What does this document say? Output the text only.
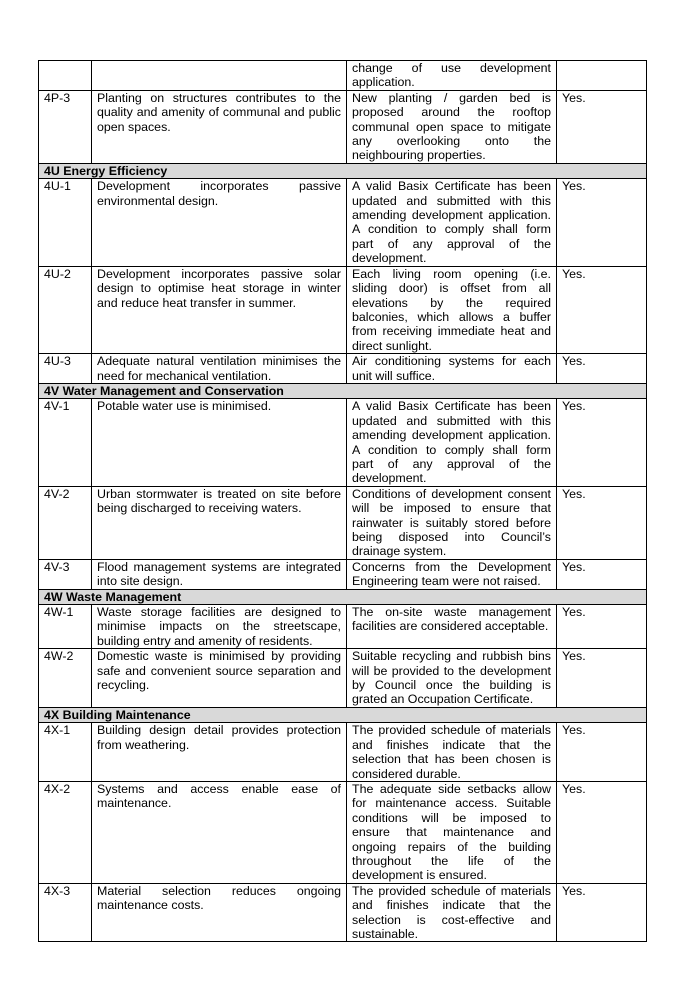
		change of use development application.	
4P-3	Planting on structures contributes to the quality and amenity of communal and public open spaces.	New planting / garden bed is proposed around the rooftop communal open space to mitigate any overlooking onto the neighbouring properties.	Yes.
4U Energy Efficiency			
4U-1	Development incorporates passive environmental design.	A valid Basix Certificate has been updated and submitted with this amending development application. A condition to comply shall form part of any approval of the development.	Yes.
4U-2	Development incorporates passive solar design to optimise heat storage in winter and reduce heat transfer in summer.	Each living room opening (i.e. sliding door) is offset from all elevations by the required balconies, which allows a buffer from receiving immediate heat and direct sunlight.	Yes.
4U-3	Adequate natural ventilation minimises the need for mechanical ventilation.	Air conditioning systems for each unit will suffice.	Yes.
4V Water Management and Conservation			
4V-1	Potable water use is minimised.	A valid Basix Certificate has been updated and submitted with this amending development application. A condition to comply shall form part of any approval of the development.	Yes.
4V-2	Urban stormwater is treated on site before being discharged to receiving waters.	Conditions of development consent will be imposed to ensure that rainwater is suitably stored before being disposed into Council’s drainage system.	Yes.
4V-3	Flood management systems are integrated into site design.	Concerns from the Development Engineering team were not raised.	Yes.
4W Waste Management			
4W-1	Waste storage facilities are designed to minimise impacts on the streetscape, building entry and amenity of residents.	The on-site waste management facilities are considered acceptable.	Yes.
4W-2	Domestic waste is minimised by providing safe and convenient source separation and recycling.	Suitable recycling and rubbish bins will be provided to the development by Council once the building is grated an Occupation Certificate.	Yes.
4X Building Maintenance			
4X-1	Building design detail provides protection from weathering.	The provided schedule of materials and finishes indicate that the selection that has been chosen is considered durable.	Yes.
4X-2	Systems and access enable ease of maintenance.	The adequate side setbacks allow for maintenance access. Suitable conditions will be imposed to ensure that maintenance and ongoing repairs of the building throughout the life of the development is ensured.	Yes.
4X-3	Material selection reduces ongoing maintenance costs.	The provided schedule of materials and finishes indicate that the selection is cost-effective and sustainable.	Yes.
